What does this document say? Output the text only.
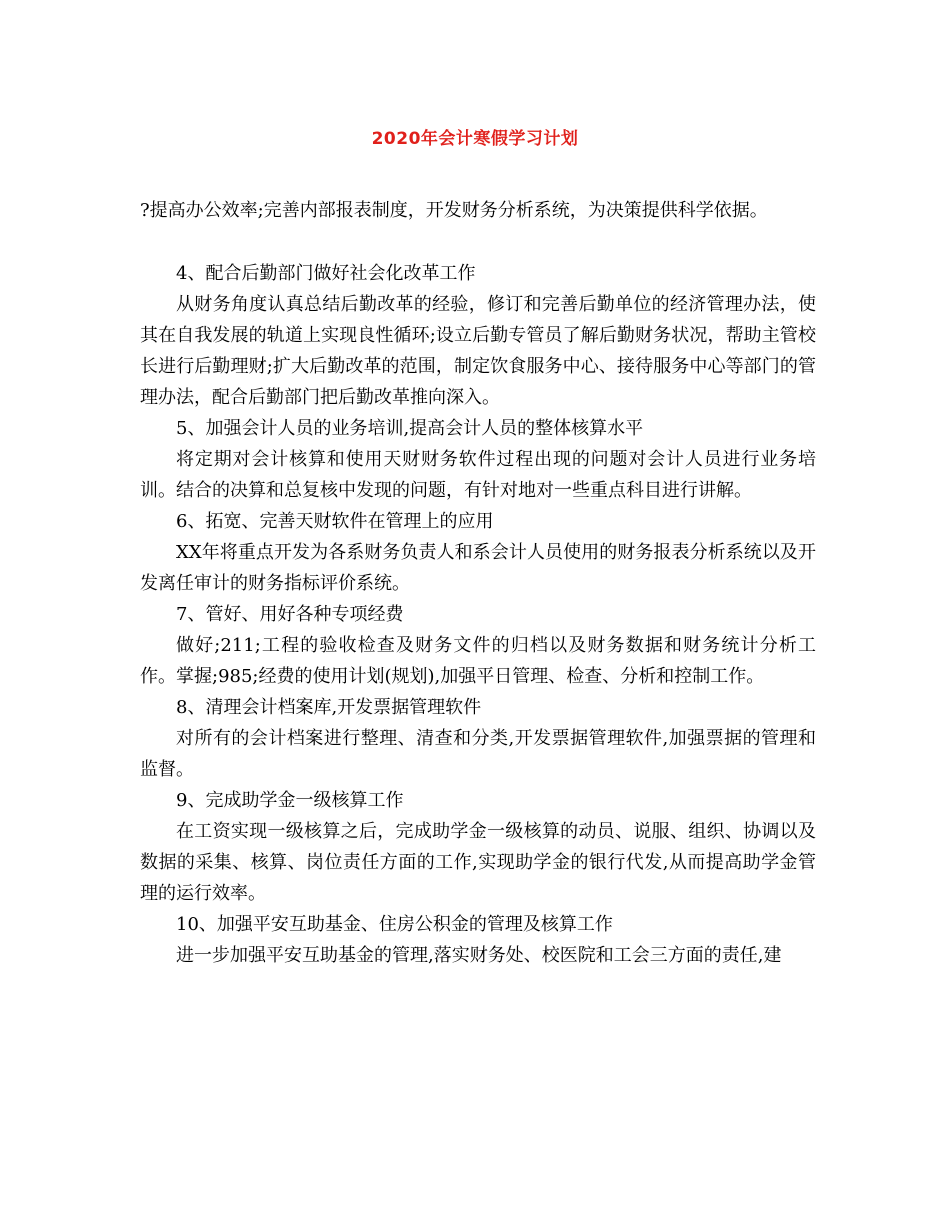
2020年会计寒假学习计划
?提高办公效率;完善内部报表制度，开发财务分析系统，为决策提供科学依据。

4、配合后勤部门做好社会化改革工作

从财务角度认真总结后勤改革的经验，修订和完善后勤单位的经济管理办法，使其在自我发展的轨道上实现良性循环;设立后勤专管员了解后勤财务状况，帮助主管校长进行后勤理财;扩大后勤改革的范围，制定饮食服务中心、接待服务中心等部门的管理办法，配合后勤部门把后勤改革推向深入。

5、加强会计人员的业务培训,提高会计人员的整体核算水平

将定期对会计核算和使用天财财务软件过程出现的问题对会计人员进行业务培训。结合的决算和总复核中发现的问题，有针对地对一些重点科目进行讲解。

6、拓宽、完善天财软件在管理上的应用

XX年将重点开发为各系财务负责人和系会计人员使用的财务报表分析系统以及开发离任审计的财务指标评价系统。

7、管好、用好各种专项经费

做好;211;工程的验收检查及财务文件的归档以及财务数据和财务统计分析工作。掌握;985;经费的使用计划(规划),加强平日管理、检查、分析和控制工作。

8、清理会计档案库,开发票据管理软件

对所有的会计档案进行整理、清查和分类,开发票据管理软件,加强票据的管理和监督。

9、完成助学金一级核算工作

在工资实现一级核算之后，完成助学金一级核算的动员、说服、组织、协调以及数据的采集、核算、岗位责任方面的工作,实现助学金的银行代发,从而提高助学金管理的运行效率。

10、加强平安互助基金、住房公积金的管理及核算工作

进一步加强平安互助基金的管理,落实财务处、校医院和工会三方面的责任,建
